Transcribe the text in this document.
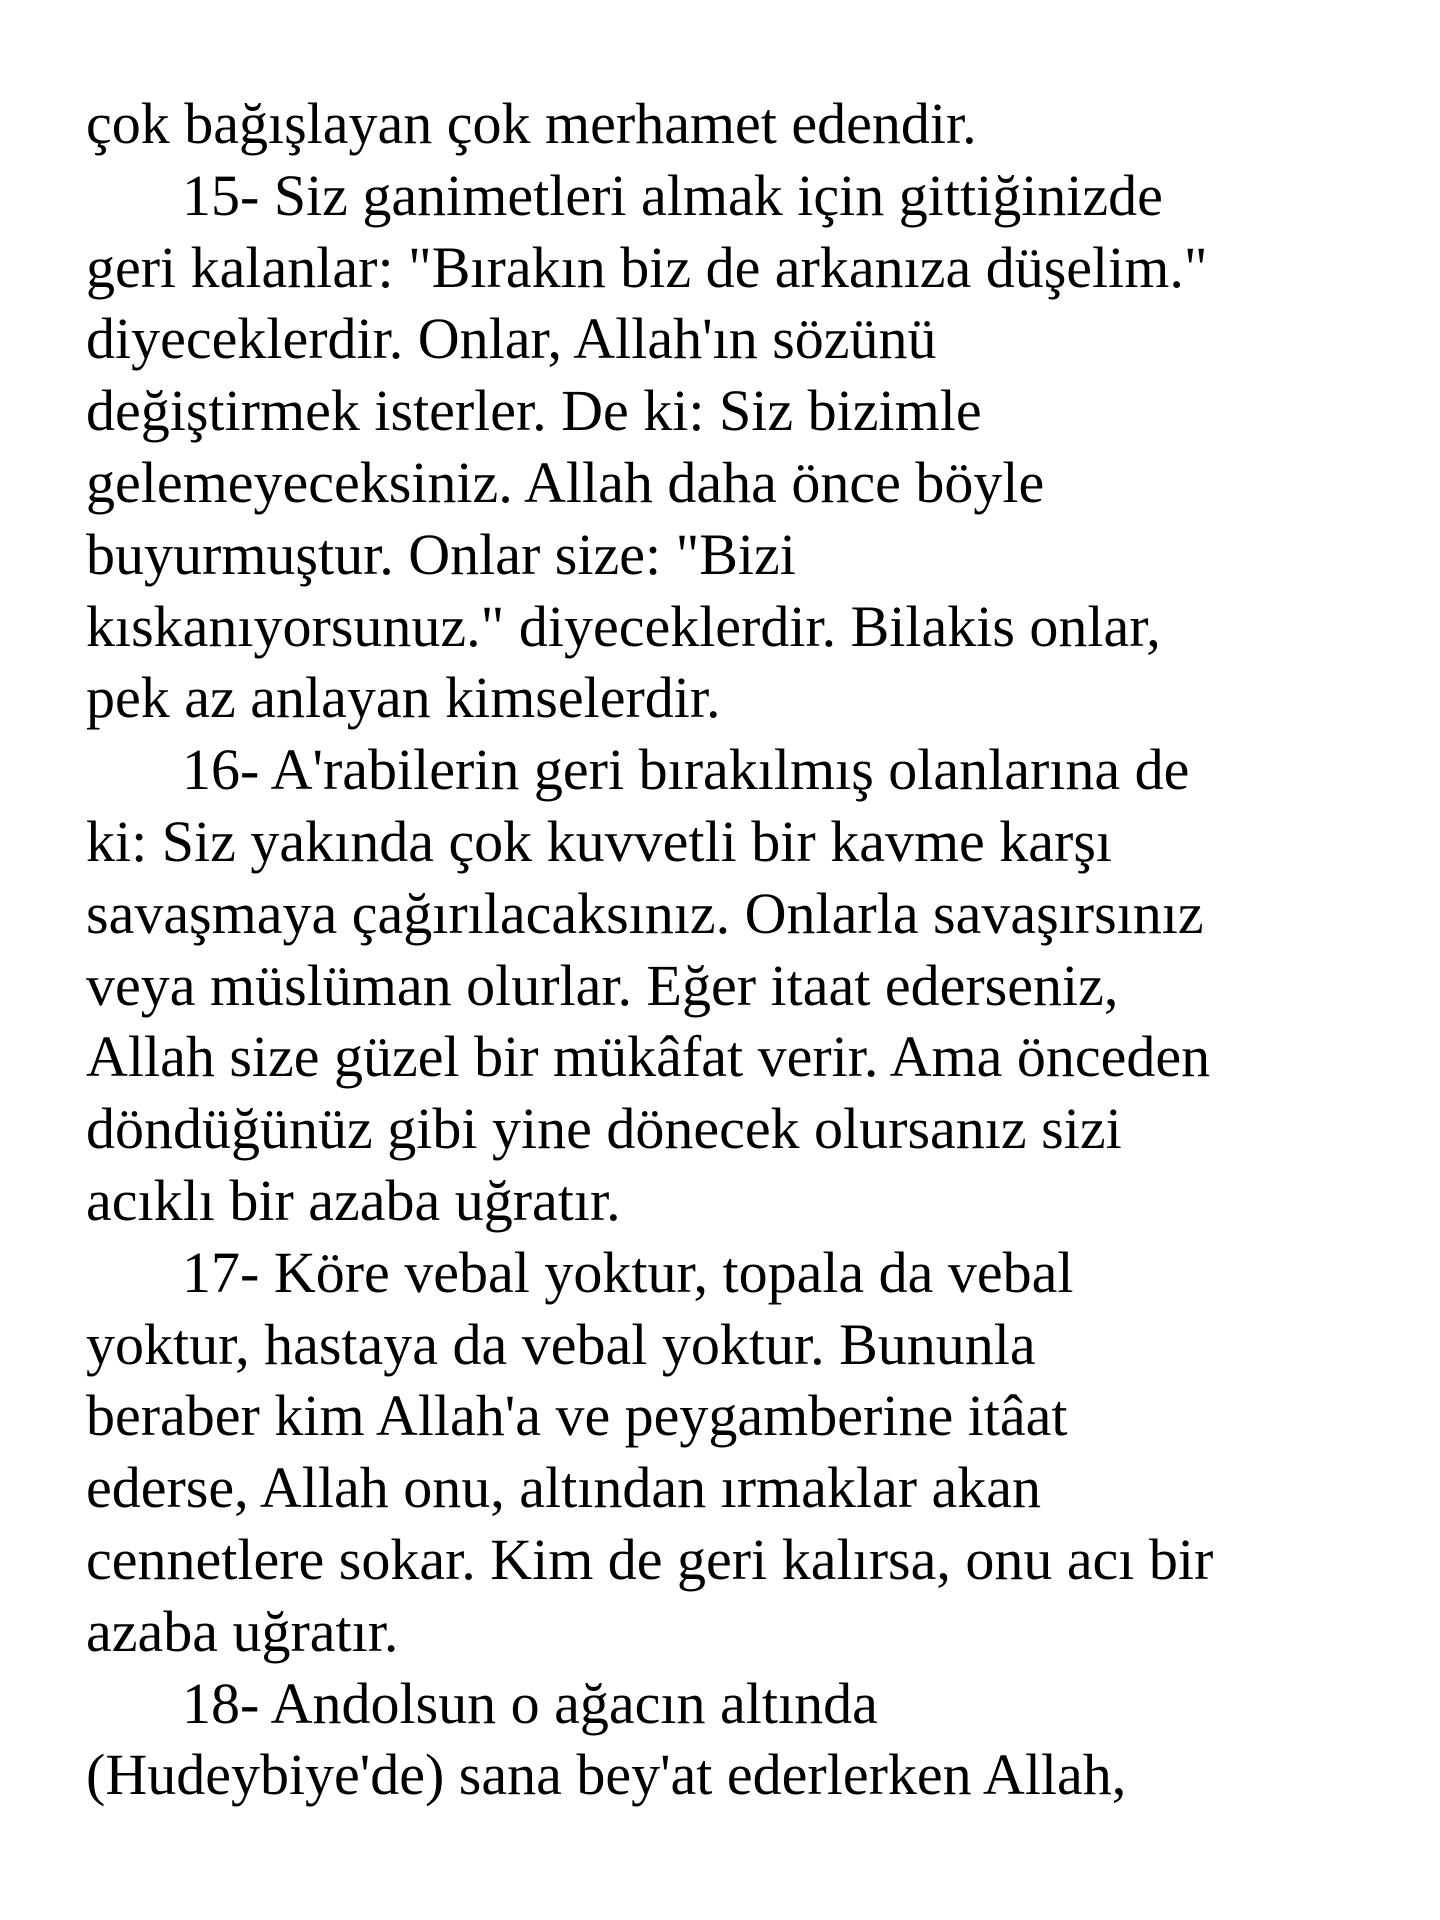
çok bağışlayan çok merhamet edendir.
15- Siz ganimetleri almak için gittiğinizde
geri kalanlar: "Bırakın biz de arkanıza düşelim."
diyeceklerdir. Onlar, Allah'ın sözünü
değiştirmek isterler. De ki: Siz bizimle
gelemeyeceksiniz. Allah daha önce böyle
buyurmuştur. Onlar size: "Bizi
kıskanıyorsunuz." diyeceklerdir. Bilakis onlar,
pek az anlayan kimselerdir.
16- A'rabilerin geri bırakılmış olanlarına de
ki: Siz yakında çok kuvvetli bir kavme karşı
savaşmaya çağırılacaksınız. Onlarla savaşırsınız
veya müslüman olurlar. Eğer itaat ederseniz,
Allah size güzel bir mükâfat verir. Ama önceden
döndüğünüz gibi yine dönecek olursanız sizi
acıklı bir azaba uğratır.
17- Köre vebal yoktur, topala da vebal
yoktur, hastaya da vebal yoktur. Bununla
beraber kim Allah'a ve peygamberine itâat
ederse, Allah onu, altından ırmaklar akan
cennetlere sokar. Kim de geri kalırsa, onu acı bir
azaba uğratır.
18- Andolsun o ağacın altında
(Hudeybiye'de) sana bey'at ederlerken Allah,
